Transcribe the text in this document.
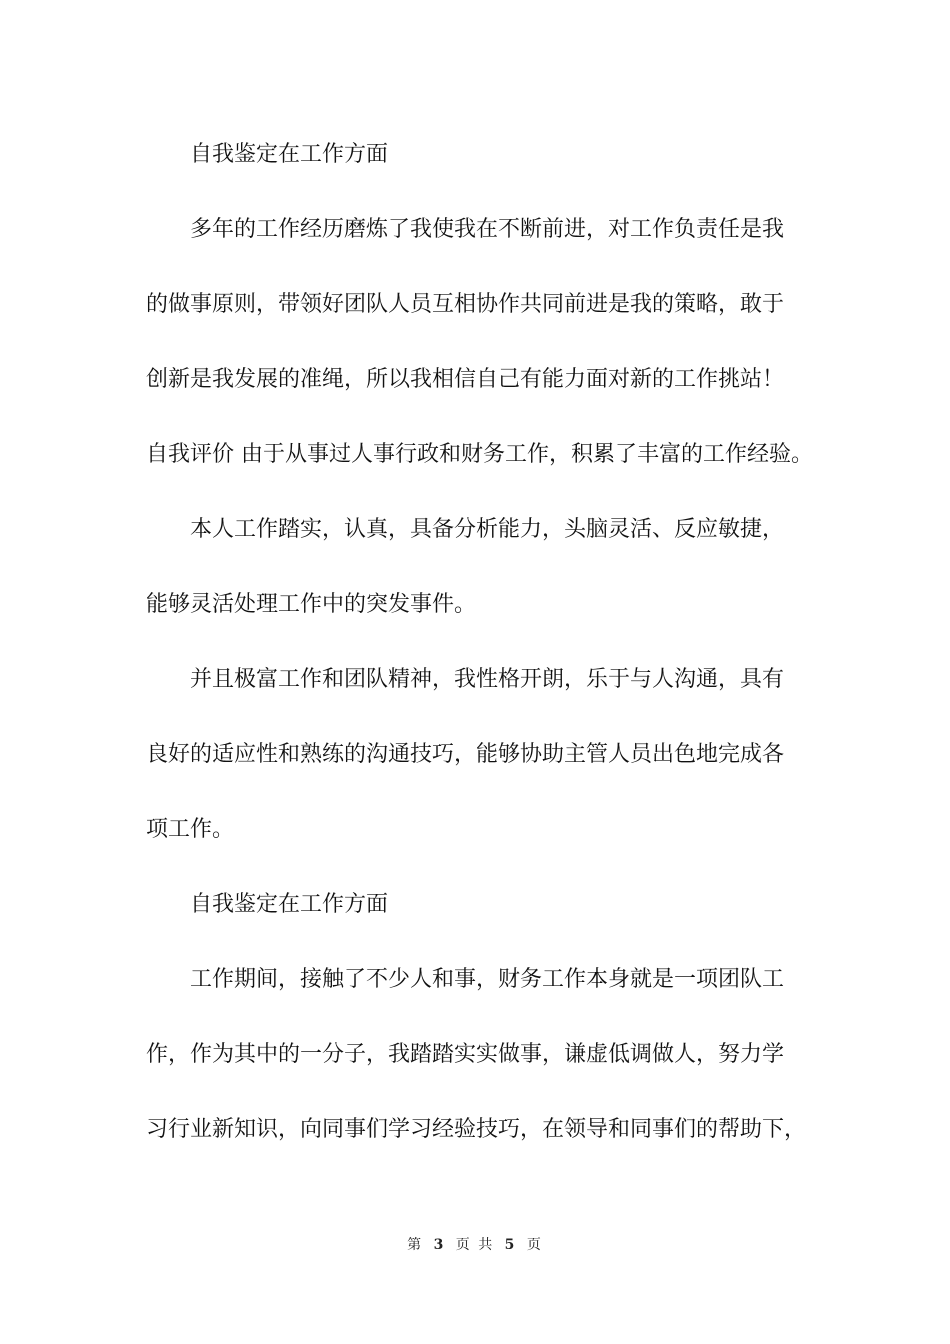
自我鉴定在工作方面
多年的工作经历磨炼了我使我在不断前进，对工作负责任是我
的做事原则，带领好团队人员互相协作共同前进是我的策略，敢于
创新是我发展的准绳，所以我相信自己有能力面对新的工作挑站！
自我评价 由于从事过人事行政和财务工作，积累了丰富的工作经验。
本人工作踏实，认真，具备分析能力，头脑灵活、反应敏捷，
能够灵活处理工作中的突发事件。
并且极富工作和团队精神，我性格开朗，乐于与人沟通，具有
良好的适应性和熟练的沟通技巧，能够协助主管人员出色地完成各
项工作。
自我鉴定在工作方面
工作期间，接触了不少人和事，财务工作本身就是一项团队工
作，作为其中的一分子，我踏踏实实做事，谦虚低调做人，努力学
习行业新知识，向同事们学习经验技巧，在领导和同事们的帮助下，
第 3 页 共 5 页
